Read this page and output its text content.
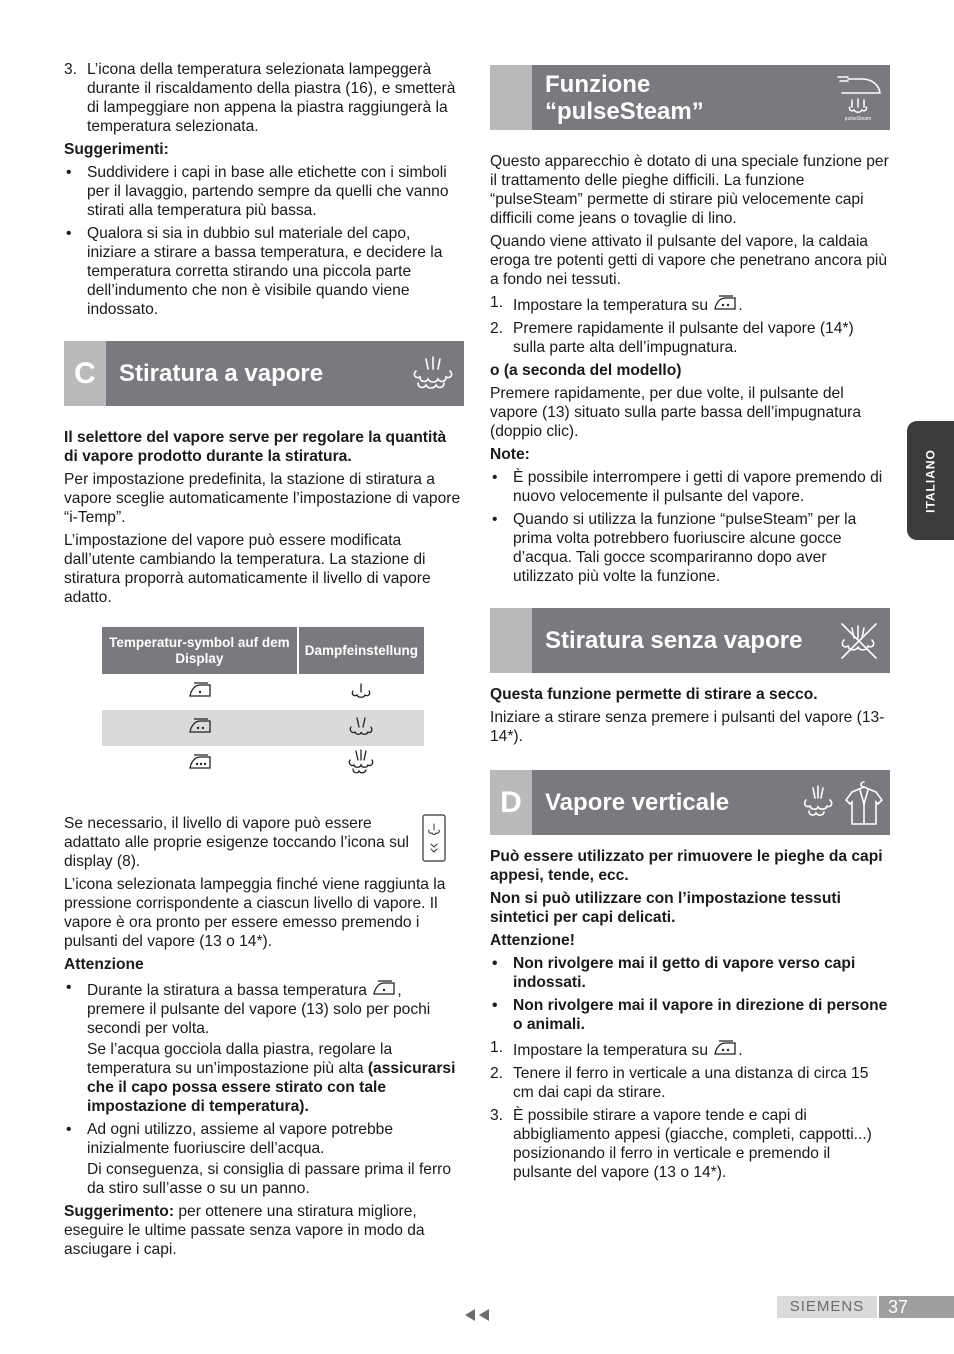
3. L’icona della temperatura selezionata lampeggerà durante il riscaldamento della piastra (16), e smetterà di lampeggiare non appena la piastra raggiungerà la temperatura selezionata.

Suggerimenti:

• Suddividere i capi in base alle etichette con i simboli per il lavaggio, partendo sempre da quelli che vanno stirati alla temperatura più bassa.
• Qualora si sia in dubbio sul materiale del capo, iniziare a stirare a bassa temperatura, e decidere la temperatura corretta stirando una piccola parte dell’indumento che non è visibile quando viene indossato.
C Stiratura a vapore

Il selettore del vapore serve per regolare la quantità di vapore prodotto durante la stiratura.

Per impostazione predefinita, la stazione di stiratura a vapore sceglie automaticamente l’impostazione di vapore “i-Temp”.

L’impostazione del vapore può essere modificata dall’utente cambiando la temperatura. La stazione di stiratura proporrà automaticamente il livello di vapore adatto.

Temperatur-symbol auf dem Display	Dampfeinstellung

Se necessario, il livello di vapore può essere adattato alle proprie esigenze toccando l’icona sul display (8).

L’icona selezionata lampeggia finché viene raggiunta la pressione corrispondente a ciascun livello di vapore. Il vapore è ora pronto per essere emesso premendo i pulsanti del vapore (13 o 14*).

Attenzione

• Durante la stiratura a bassa temperatura , premere il pulsante del vapore (13) solo per pochi secondi per volta.
Se l’acqua gocciola dalla piastra, regolare la temperatura su un’impostazione più alta (assicurarsi che il capo possa essere stirato con tale impostazione di temperatura).
• Ad ogni utilizzo, assieme al vapore potrebbe inizialmente fuoriuscire dell’acqua.
Di conseguenza, si consiglia di passare prima il ferro da stiro sull’asse o su un panno.

Suggerimento: per ottenere una stiratura migliore, eseguire le ultime passate senza vapore in modo da asciugare i capi.

Funzione “pulseSteam”	pulseSteam

Questo apparecchio è dotato di una speciale funzione per il trattamento delle pieghe difficili. La funzione “pulseSteam” permette di stirare più velocemente capi difficili come jeans o tovaglie di lino.

Quando viene attivato il pulsante del vapore, la caldaia eroga tre potenti getti di vapore che penetrano ancora più a fondo nei tessuti.

1. Impostare la temperatura su .
2. Premere rapidamente il pulsante del vapore (14*) sulla parte alta dell’impugnatura.

o (a seconda del modello)

Premere rapidamente, per due volte, il pulsante del vapore (13) situato sulla parte bassa dell’impugnatura (doppio clic).

Note:

• È possibile interrompere i getti di vapore premendo di nuovo velocemente il pulsante del vapore.
• Quando si utilizza la funzione “pulseSteam” per la prima volta potrebbero fuoriuscire alcune gocce d’acqua. Tali gocce scompariranno dopo aver utilizzato più volte la funzione.
Stiratura senza vapore

Questa funzione permette di stirare a secco.

Iniziare a stirare senza premere i pulsanti del vapore (13-14*).

D Vapore verticale

Può essere utilizzato per rimuovere le pieghe da capi appesi, tende, ecc.

Non si può utilizzare con l’impostazione tessuti sintetici per capi delicati.

Attenzione!

• Non rivolgere mai il getto di vapore verso capi indossati.
• Non rivolgere mai il vapore in direzione di persone o animali.
1. Impostare la temperatura su .
2. Tenere il ferro in verticale a una distanza di circa 15 cm dai capi da stirare.
3. È possibile stirare a vapore tende e capi di abbigliamento appesi (giacche, completi, cappotti...) posizionando il ferro in verticale e premendo il pulsante del vapore (13 o 14*).
ITALIANO
SIEMENS	37
